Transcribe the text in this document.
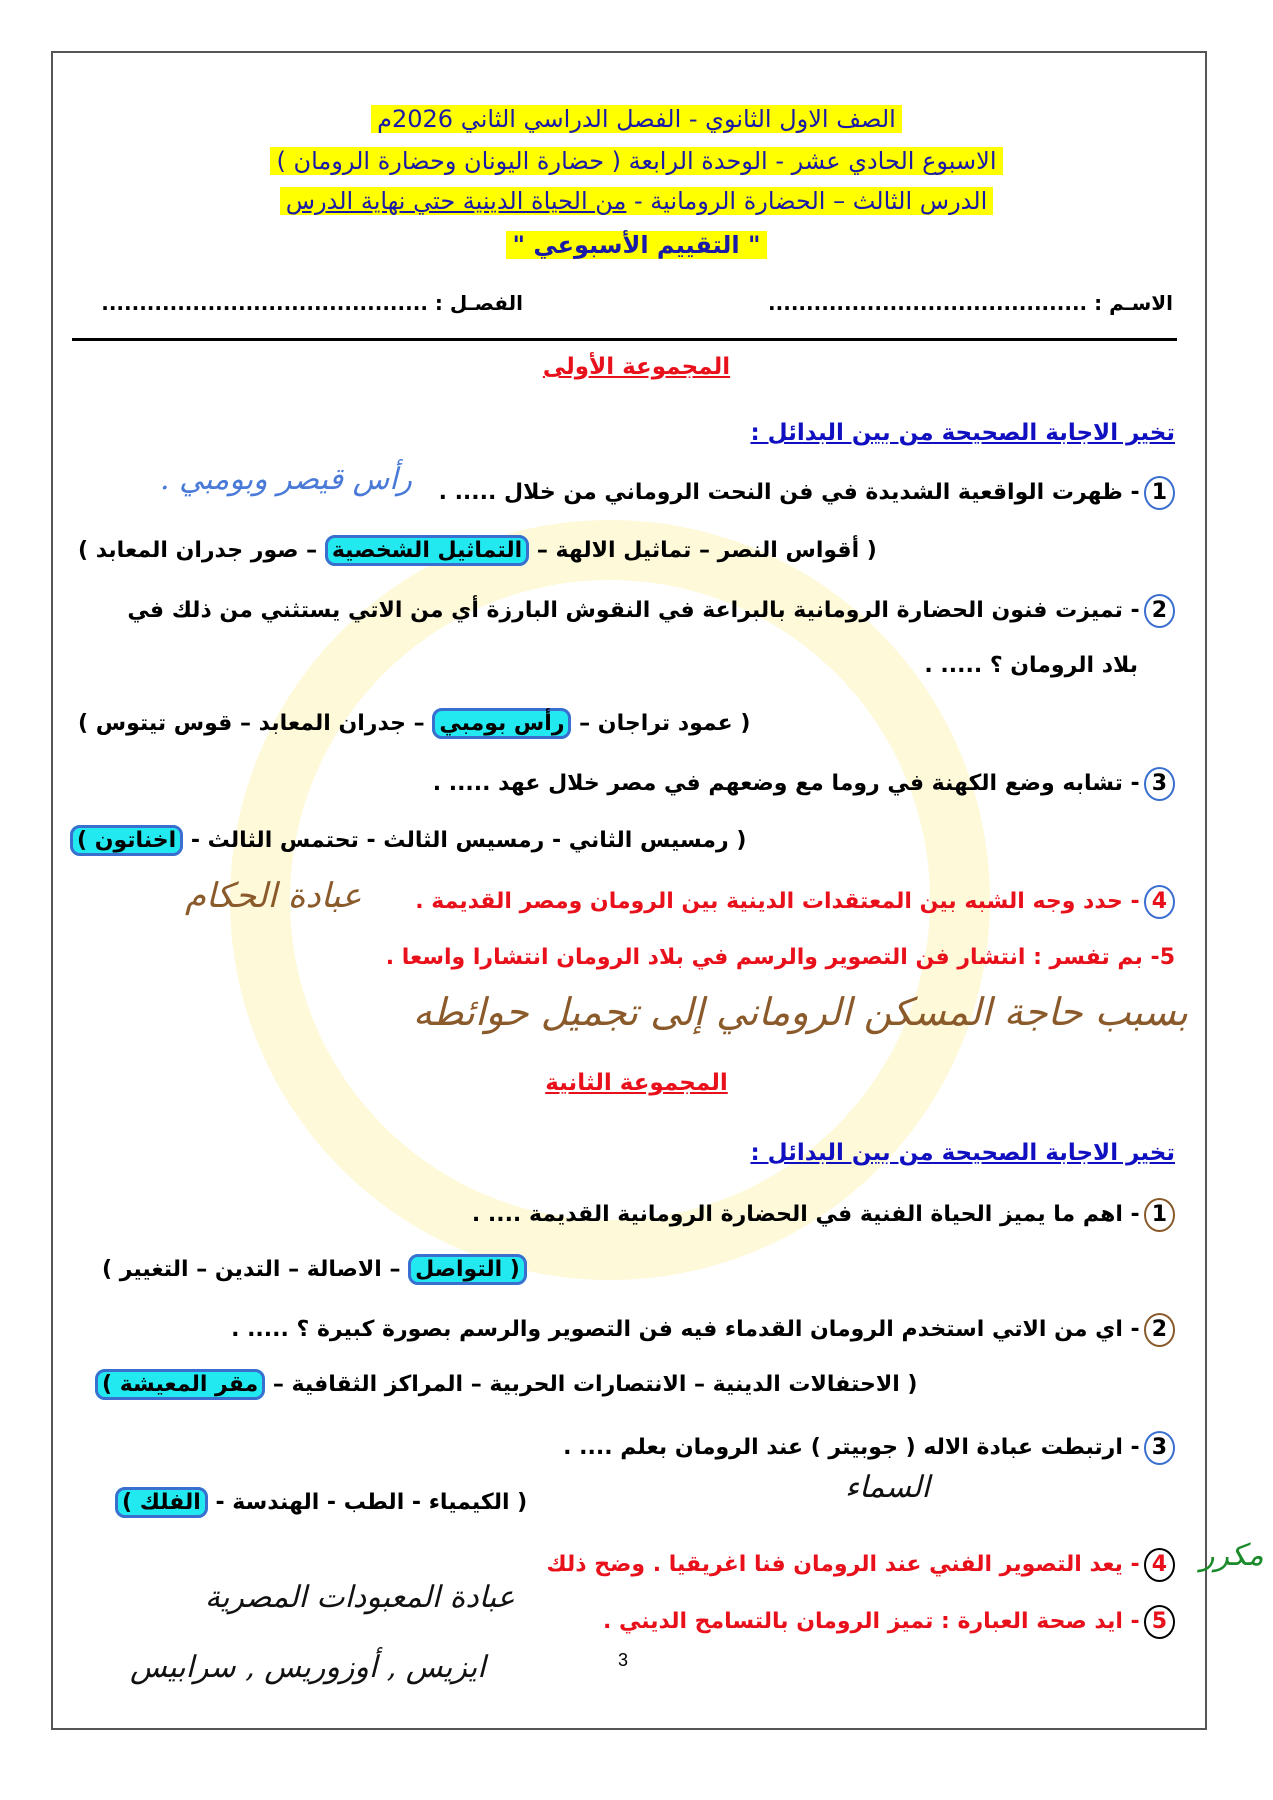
الصف الاول الثانوي - الفصل الدراسي الثاني 2026م
الاسبوع الحادي عشر - الوحدة الرابعة ( حضارة اليونان وحضارة الرومان )
الدرس الثالث – الحضارة الرومانية - من الحياة الدينية حتي نهاية الدرس
" التقييم الأسبوعي "
الاسـم : ..........................................
الفصـل : ...........................................
المجموعة الأولى
تخير الاجابة الصحيحة من بين البدائل :
1- ظهرت الواقعية الشديدة في فن النحت الروماني من خلال ..... .
رأس قيصر وبومبي .
( أقواس النصر – تماثيل الالهة – التماثيل الشخصية – صور جدران المعابد )
2- تميزت فنون الحضارة الرومانية بالبراعة في النقوش البارزة أي من الاتي يستثني من ذلك في
بلاد الرومان ؟ ..... .
( عمود تراجان – رأس بومبي – جدران المعابد – قوس تيتوس )
3- تشابه وضع الكهنة في روما مع وضعهم في مصر خلال عهد ..... .
( رمسيس الثاني - رمسيس الثالث - تحتمس الثالث - اخناتون )
4- حدد وجه الشبه بين المعتقدات الدينية بين الرومان ومصر القديمة .
عبادة الحكام
5- بم تفسر : انتشار فن التصوير والرسم في بلاد الرومان انتشارا واسعا .
بسبب حاجة المسكن الروماني إلى تجميل حوائطه
المجموعة الثانية
تخير الاجابة الصحيحة من بين البدائل :
1- اهم ما يميز الحياة الفنية في الحضارة الرومانية القديمة .... .
( التواصل – الاصالة – التدين – التغيير )
2- اي من الاتي استخدم الرومان القدماء فيه فن التصوير والرسم بصورة كبيرة ؟ ..... .
( الاحتفالات الدينية – الانتصارات الحربية – المراكز الثقافية – مقر المعيشة )
3- ارتبطت عبادة الاله ( جوبيتر ) عند الرومان بعلم .... .
السماء
( الكيمياء - الطب - الهندسة - الفلك )
4- يعد التصوير الفني عند الرومان فنا اغريقيا . وضح ذلك	مكرر
5- ايد صحة العبارة : تميز الرومان بالتسامح الديني .
عبادة المعبودات المصرية
ايزيس , أوزوريس , سرابيس	3
